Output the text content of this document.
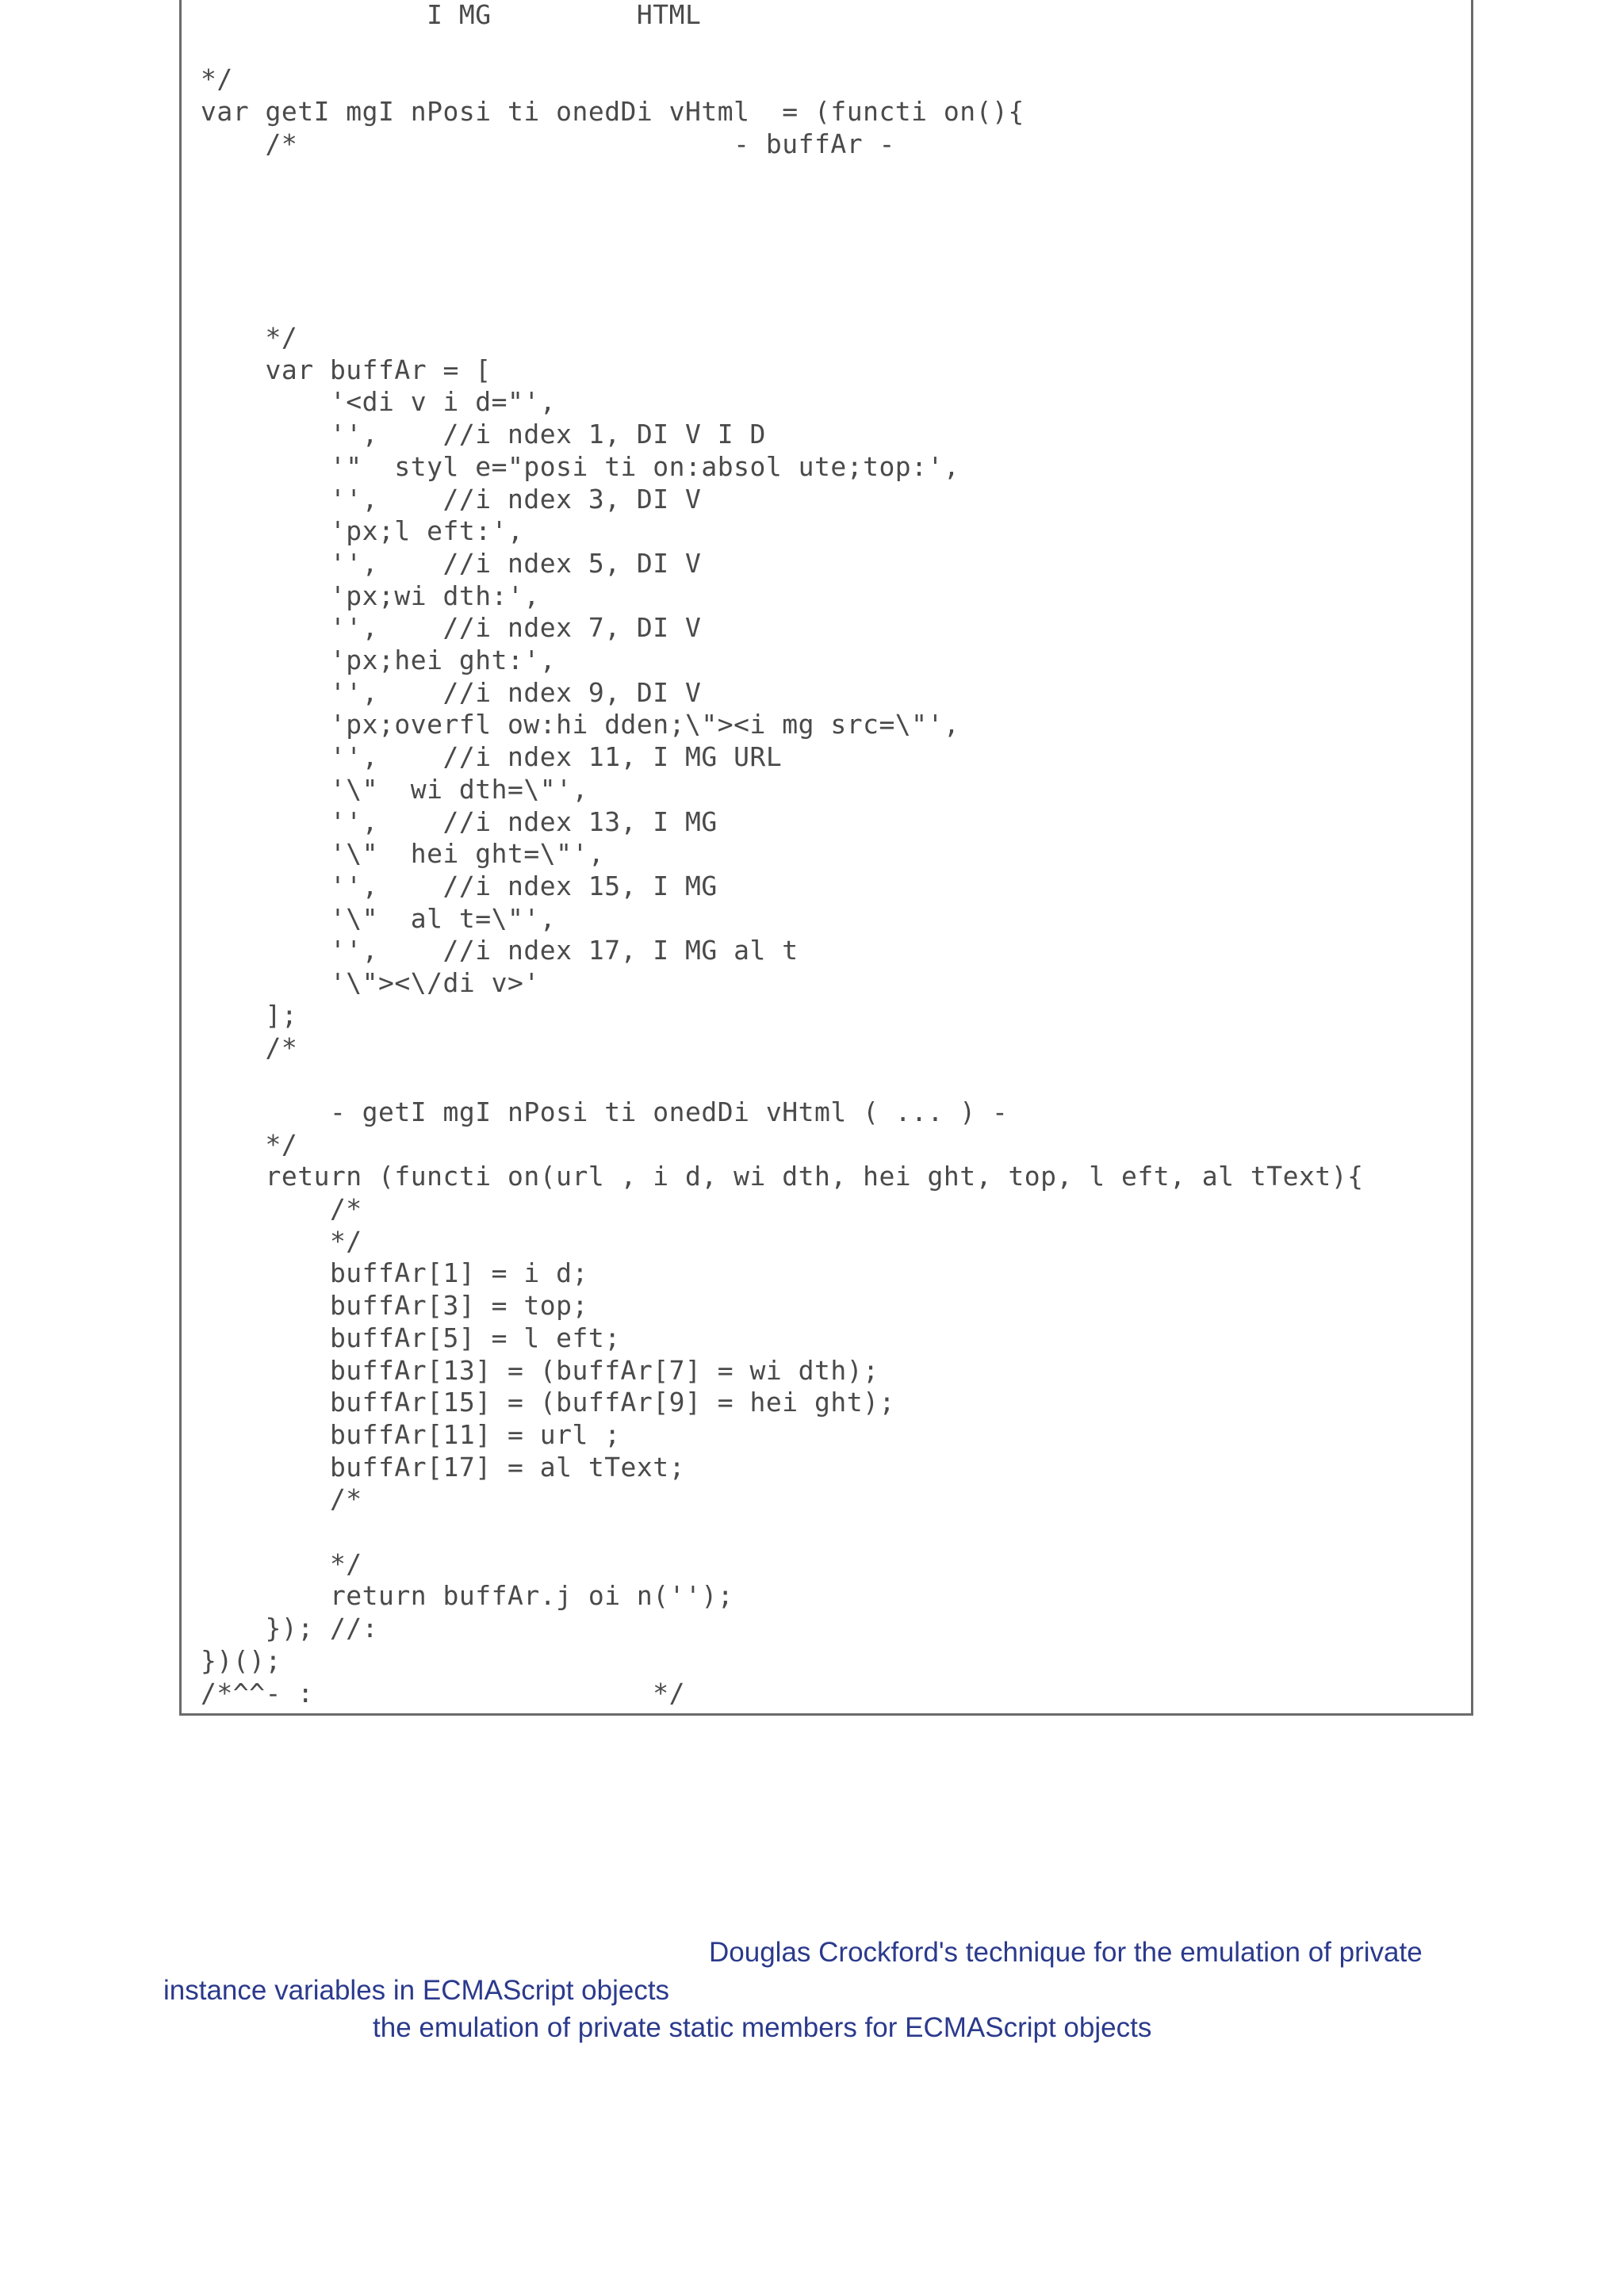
I MG         HTML

*/
var getI mgI nPosi ti onedDi vHtml  = (functi on(){
/*                           - buffAr -

*/
var buffAr = [
'<di v i d="',
'',    //i ndex 1, DI V I D
'"  styl e="posi ti on:absol ute;top:',
'',    //i ndex 3, DI V
'px;l eft:',
'',    //i ndex 5, DI V
'px;wi dth:',
'',    //i ndex 7, DI V
'px;hei ght:',
'',    //i ndex 9, DI V
'px;overfl ow:hi dden;\"><i mg src=\"',
'',    //i ndex 11, I MG URL
'\"  wi dth=\"',
'',    //i ndex 13, I MG
'\"  hei ght=\"',
'',    //i ndex 15, I MG
'\"  al t=\"',
'',    //i ndex 17, I MG al t
'\"><\/di v>'
];
/*

- getI mgI nPosi ti onedDi vHtml ( ... ) -
*/
return (functi on(url , i d, wi dth, hei ght, top, l eft, al tText){
/*
*/
buffAr[1] = i d;
buffAr[3] = top;
buffAr[5] = l eft;
buffAr[13] = (buffAr[7] = wi dth);
buffAr[15] = (buffAr[9] = hei ght);
buffAr[11] = url ;
buffAr[17] = al tText;
/*

*/
return buffAr.j oi n('');
}); //:
})();
/*^^- :                     */

Douglas Crockford's technique for the emulation of private
instance variables in ECMAScript objects
the emulation of private static members for ECMAScript objects
